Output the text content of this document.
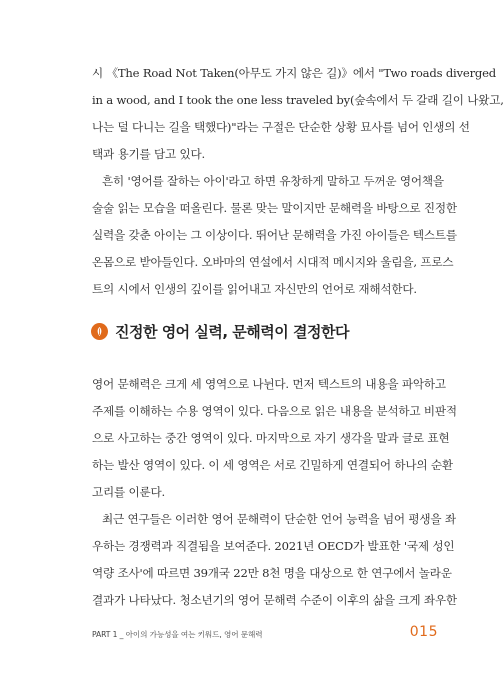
시 《The Road Not Taken(아무도 가지 않은 길)》에서 "Two roads diverged
in a wood, and I took the one less traveled by(숲속에서 두 갈래 길이 나왔고,
나는 덜 다니는 길을 택했다)"라는 구절은 단순한 상황 묘사를 넘어 인생의 선
택과 용기를 담고 있다.
흔히 '영어를 잘하는 아이'라고 하면 유창하게 말하고 두꺼운 영어책을
술술 읽는 모습을 떠올린다. 물론 맞는 말이지만 문해력을 바탕으로 진정한
실력을 갖춘 아이는 그 이상이다. 뛰어난 문해력을 가진 아이들은 텍스트를
온몸으로 받아들인다. 오바마의 연설에서 시대적 메시지와 울림을, 프로스
트의 시에서 인생의 깊이를 읽어내고 자신만의 언어로 재해석한다.
진정한 영어 실력, 문해력이 결정한다
영어 문해력은 크게 세 영역으로 나뉜다. 먼저 텍스트의 내용을 파악하고
주제를 이해하는 수용 영역이 있다. 다음으로 읽은 내용을 분석하고 비판적
으로 사고하는 중간 영역이 있다. 마지막으로 자기 생각을 말과 글로 표현
하는 발산 영역이 있다. 이 세 영역은 서로 긴밀하게 연결되어 하나의 순환
고리를 이룬다.
최근 연구들은 이러한 영어 문해력이 단순한 언어 능력을 넘어 평생을 좌
우하는 경쟁력과 직결됨을 보여준다. 2021년 OECD가 발표한 '국제 성인
역량 조사'에 따르면 39개국 22만 8천 명을 대상으로 한 연구에서 놀라운
결과가 나타났다. 청소년기의 영어 문해력 수준이 이후의 삶을 크게 좌우한
PART 1 _ 아이의 가능성을 여는 키워드, 영어 문해력	015
